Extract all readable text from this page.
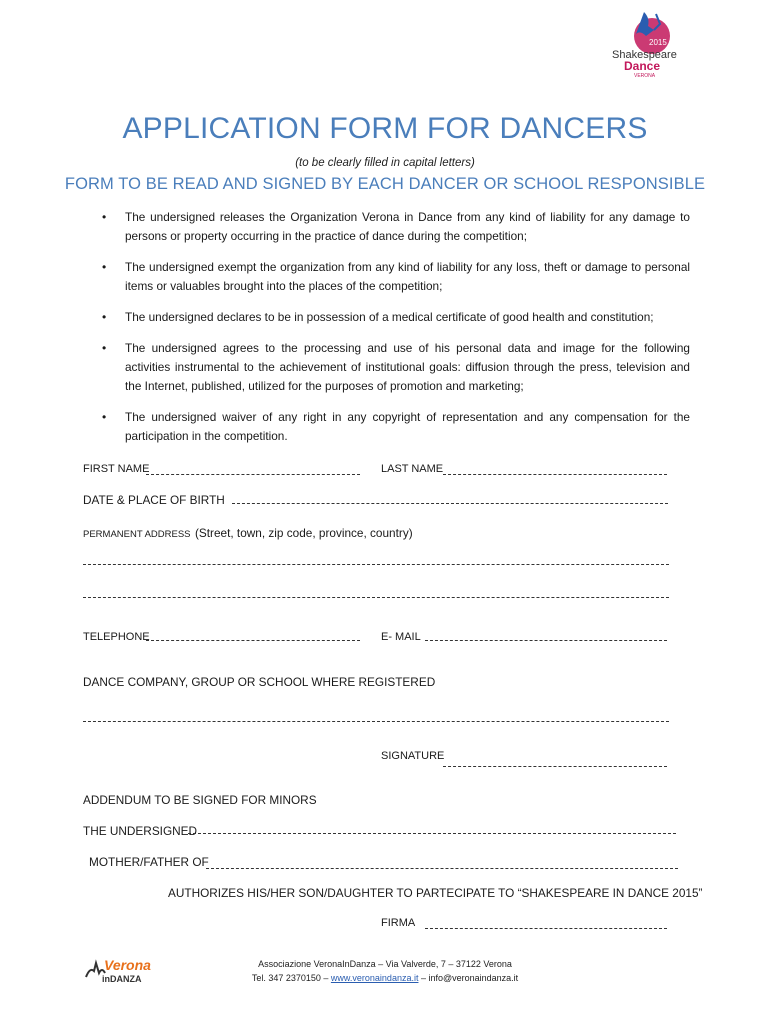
Shakespeare
Dance
2015
VERONA
APPLICATION FORM FOR DANCERS
(to be clearly filled in capital letters)
FORM TO BE READ AND SIGNED BY EACH DANCER OR SCHOOL RESPONSIBLE
• The undersigned releases the Organization Verona in Dance from any kind of liability for any damage to persons or property occurring in the practice of dance during the competition;
• The undersigned exempt the organization from any kind of liability for any loss, theft or damage to personal items or valuables brought into the places of the competition;
• The undersigned declares to be in possession of a medical certificate of good health and constitution;
• The undersigned agrees to the processing and use of his personal data and image for the following activities instrumental to the achievement of institutional goals: diffusion through the press, television and the Internet, published, utilized for the purposes of promotion and marketing;
• The undersigned waiver of any right in any copyright of representation and any compensation for the participation in the competition.
FIRST NAME	LAST NAME
DATE & PLACE OF BIRTH
PERMANENT ADDRESS (Street, town, zip code, province, country)
TELEPHONE	E- MAIL
DANCE COMPANY, GROUP OR SCHOOL WHERE REGISTERED
SIGNATURE
ADDENDUM TO BE SIGNED FOR MINORS
THE UNDERSIGNED
MOTHER/FATHER OF
AUTHORIZES HIS/HER SON/DAUGHTER TO PARTECIPATE TO “SHAKESPEARE IN DANCE 2015”
FIRMA
Verona
inDANZA
Associazione VeronaInDanza – Via Valverde, 7 – 37122 Verona
Tel. 347 2370150 – www.veronaindanza.it – info@veronaindanza.it
